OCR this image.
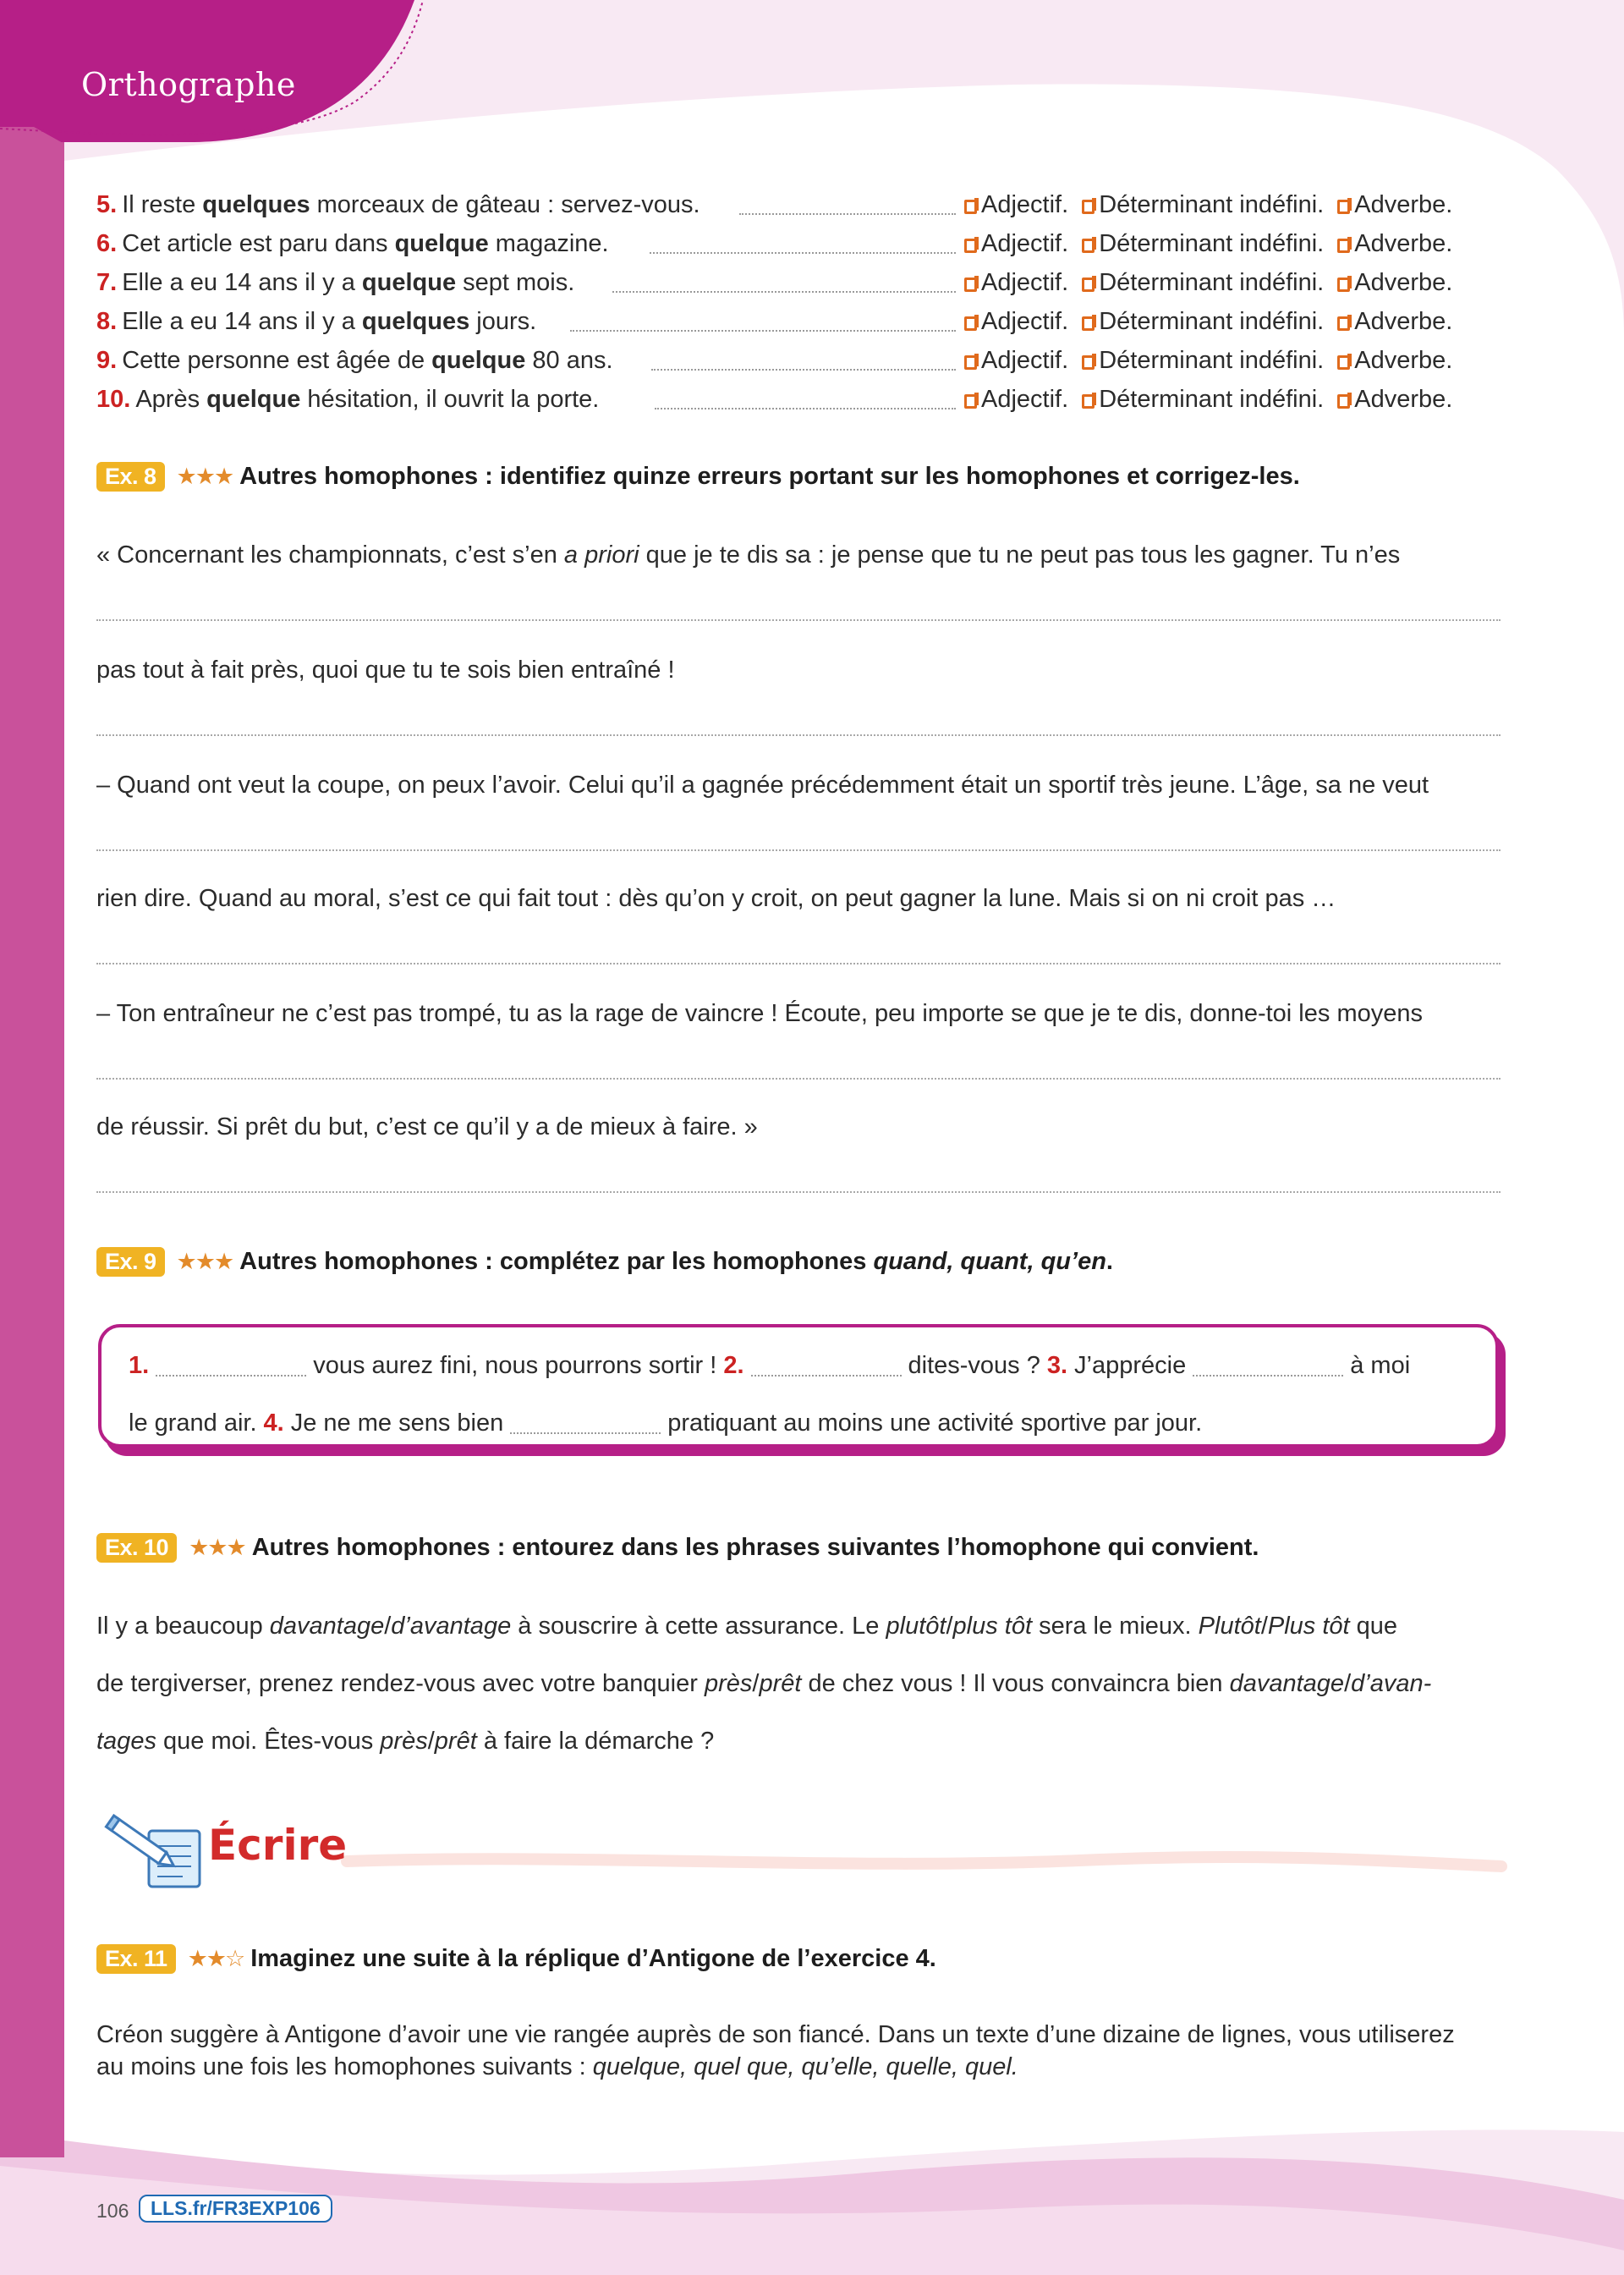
Orthographe
5. Il reste quelques morceaux de gâteau : servez-vous.	Adjectif. Déterminant indéfini. Adverbe.
6. Cet article est paru dans quelque magazine.	Adjectif. Déterminant indéfini. Adverbe.
7. Elle a eu 14 ans il y a quelque sept mois.	Adjectif. Déterminant indéfini. Adverbe.
8. Elle a eu 14 ans il y a quelques jours.	Adjectif. Déterminant indéfini. Adverbe.
9. Cette personne est âgée de quelque 80 ans.	Adjectif. Déterminant indéfini. Adverbe.
10. Après quelque hésitation, il ouvrit la porte.	Adjectif. Déterminant indéfini. Adverbe.
Ex. 8 ★★★ Autres homophones : identifiez quinze erreurs portant sur les homophones et corrigez-les.
« Concernant les championnats, c’est s’en a priori que je te dis sa : je pense que tu ne peut pas tous les gagner. Tu n’es
pas tout à fait près, quoi que tu te sois bien entraîné !
– Quand ont veut la coupe, on peux l’avoir. Celui qu’il a gagnée précédemment était un sportif très jeune. L’âge, sa ne veut
rien dire. Quand au moral, s’est ce qui fait tout : dès qu’on y croit, on peut gagner la lune. Mais si on ni croit pas …
– Ton entraîneur ne c’est pas trompé, tu as la rage de vaincre ! Écoute, peu importe se que je te dis, donne-toi les moyens
de réussir. Si prêt du but, c’est ce qu’il y a de mieux à faire. »
Ex. 9 ★★★ Autres homophones : complétez par les homophones quand, quant, qu’en.
1.	vous aurez fini, nous pourrons sortir ! 2.	dites-vous ? 3. J’apprécie	à moi
le grand air. 4. Je ne me sens bien	pratiquant au moins une activité sportive par jour.
Ex. 10 ★★★ Autres homophones : entourez dans les phrases suivantes l’homophone qui convient.
Il y a beaucoup davantage/d’avantage à souscrire à cette assurance. Le plutôt/plus tôt sera le mieux. Plutôt/Plus tôt que
de tergiverser, prenez rendez-vous avec votre banquier près/prêt de chez vous ! Il vous convaincra bien davantage/d’avan-
tages que moi. Êtes-vous près/prêt à faire la démarche ?
Écrire
Ex. 11 ★★☆ Imaginez une suite à la réplique d’Antigone de l’exercice 4.
Créon suggère à Antigone d’avoir une vie rangée auprès de son fiancé. Dans un texte d’une dizaine de lignes, vous utiliserez
au moins une fois les homophones suivants : quelque, quel que, qu’elle, quelle, quel.
106	LLS.fr/FR3EXP106
